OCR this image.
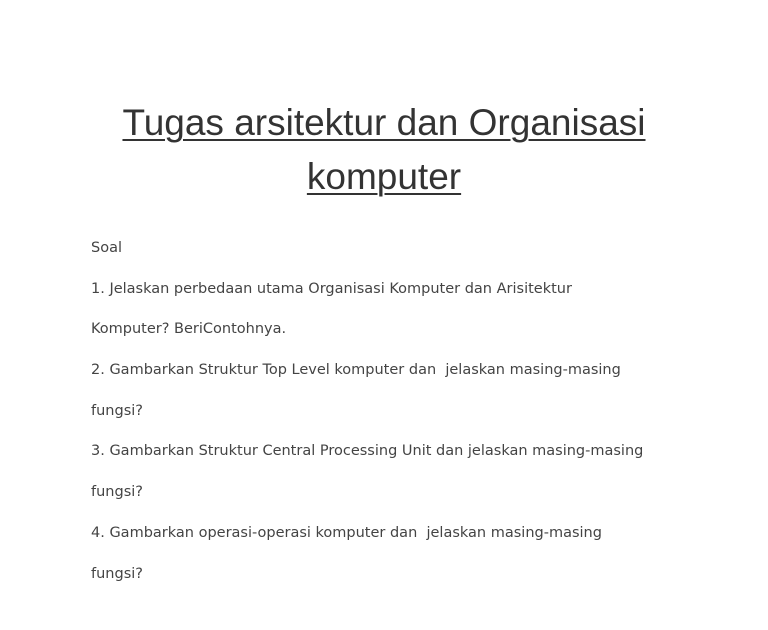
Tugas arsitektur dan Organisasi
komputer
Soal
1. Jelaskan perbedaan utama Organisasi Komputer dan Arisitektur
Komputer? BeriContohnya.
2. Gambarkan Struktur Top Level komputer dan  jelaskan masing-masing
fungsi?
3. Gambarkan Struktur Central Processing Unit dan jelaskan masing-masing
fungsi?
4. Gambarkan operasi-operasi komputer dan  jelaskan masing-masing
fungsi?
